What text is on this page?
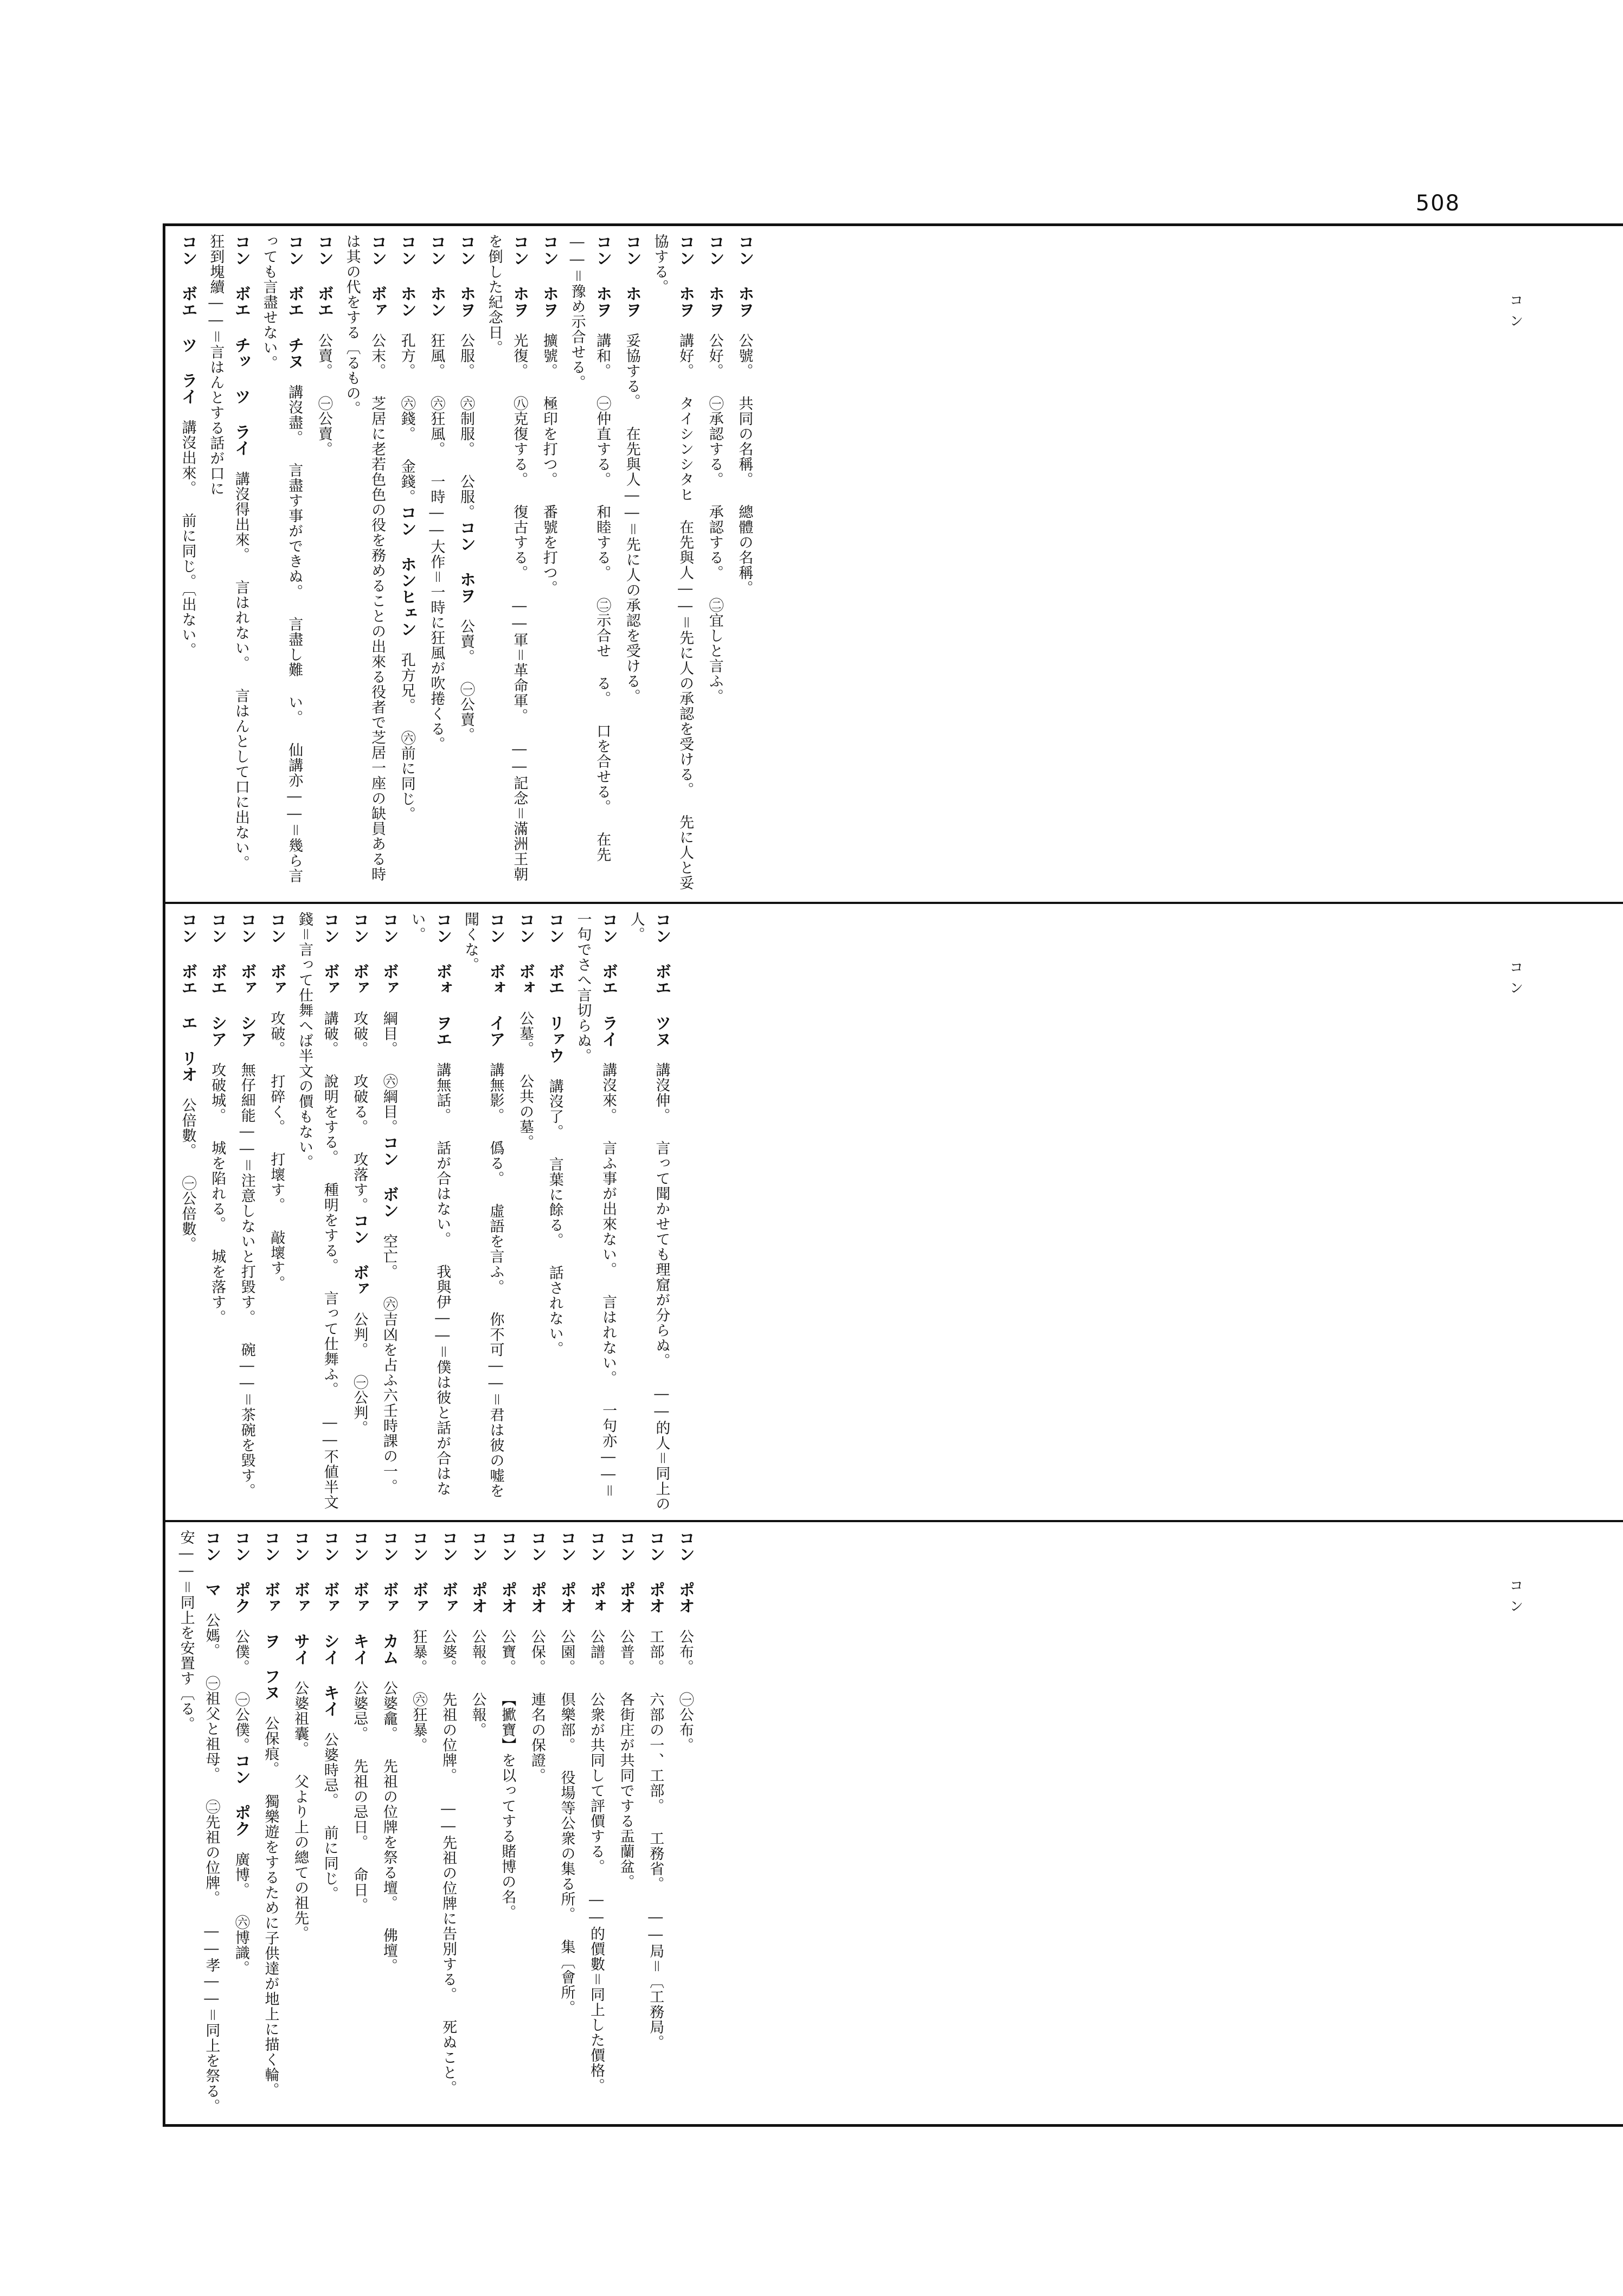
508
コン ホヲ　公號。 共同の名稱。 總體の名稱。
コン ホヲ　公好。 ㊀承認する。 承認する。 ㊁宜しと言ふ。
コン ホヲ　講好。 タイシンシタヒ 在先與人――＝先に人の承認を受ける。 先に人と妥協する。
コン ホヲ　妥協する。 在先與人――＝先に人の承認を受ける。
コン ホヲ　講和。 ㊀仲直する。 和睦する。 ㊁示合せ る。 口を合せる。 在先――＝豫め示合せる。
コン ホヲ　擴號。 極印を打つ。 番號を打つ。
コン ホヲ　光復。 ㊇克復する。 復古する。 ――軍＝革命軍。 ――記念＝滿洲王朝を倒した紀念日。
コン ホヲ　公服。 ㊅制服。 公服。
コン ホヲ　公賣。 ㊀公賣。
コン ホン　狂風。 ㊅狂風。 一時――大作＝一時に狂風が吹捲くる。
コン ホン　孔方。 ㊅錢。 金錢。
コン ホンヒェン　孔方兄。 ㊅前に同じ。
コン ボァ　公末。 芝居に老若色色の役を務めることの出來る役者で芝居一座の缺員ある時は其の代をする〔るもの。
コン ボエ　公賣。 ㊀公賣。
コン ボエ チヌ　講沒盡。 言盡す事ができぬ。 言盡し難 い。 仙講亦――＝幾ら言っても言盡せない。
コン ボエ チッ ツ ライ　講沒得出來。 言はれない。 言はんとして口に出ない。 狂到塊續――＝言はんとする話が口に
コン ボエ ツ ライ　講沒出來。 前に同じ。〔出ない。
コン ボエ ツヌ　講沒伸。 言って聞かせても理窟が分らぬ。 ――的人＝同上の人。
コン ボエ ライ　講沒來。 言ふ事が出來ない。 言はれない。 一句亦――＝一句でさへ言切らぬ。
コン ボエ リァウ　講沒了。 言葉に餘る。 話されない。
コン ボォ　公墓。 公共の墓。
コン ボォ イア　講無影。 僞る。 虛語を言ふ。 你不可――＝君は彼の嘘を聞くな。
コン ボォ ヲエ　講無話。 話が合はない。 我與伊――＝僕は彼と話が合はない。
コン ボァ　綱目。 ㊅綱目。
コン ボン　空亡。 ㊅吉凶を占ふ六壬時課の一。
コン ボァ　攻破。 攻破る。 攻落す。
コン ボァ　公判。 ㊀公判。
コン ボァ　講破。 說明をする。 種明をする。 言って仕舞ふ。 ――不値半文錢＝言って仕舞へば半文の價もない。
コン ボァ　攻破。 打碎く。 打壞す。 敲壞す。
コン ボァ シア　無仔細能――＝注意しないと打毀す。 碗――＝茶碗を毀す。
コン ボエ シア　攻破城。 城を陷れる。 城を落す。
コン ボエ エ リオ　公倍數。 ㊀公倍數。
コン ポオ　公布。 ㊀公布。
コン ポオ　工部。 六部の一、工部。 工務省。 ――局＝〔工務局。
コン ポオ　公普。 各街庄が共同でする盂蘭盆。
コン ポォ　公譜。 公衆が共同して評價する。 ――的價數＝同上した價格。
コン ポオ　公園。 倶樂部。 役場等公衆の集る所。 集〔會所。
コン ポオ　公保。 連名の保證。
コン ポオ　公寶。 【擨寶】を以ってする賭博の名。
コン ポオ　公報。 公報。
コン ボァ　公婆。 先祖の位牌。 ――先祖の位牌に告別する。 死ぬこと。
コン ボァ　狂暴。 ㊅狂暴。
コン ボァ カム　公婆龕。 先祖の位牌を祭る壇。 佛壇。
コン ボァ キイ　公婆忌。 先祖の忌日。 命日。
コン ボァ シイ キイ　公婆時忌。 前に同じ。
コン ボァ サイ　公婆祖囊。 父より上の總ての祖先。
コン ボァ ヲ フヌ　公保痕。 獨樂遊をするために子供達が地上に描く輪。
コン ポク　公僕。 ㊀公僕。
コン ポク　廣博。 ㊅博識。
コン マ　公媽。 ㊀祖父と祖母。 ㊁先祖の位牌。 ――孝――＝同上を祭る。 安――＝同上を安置す〔る。
コン
コン
コン
